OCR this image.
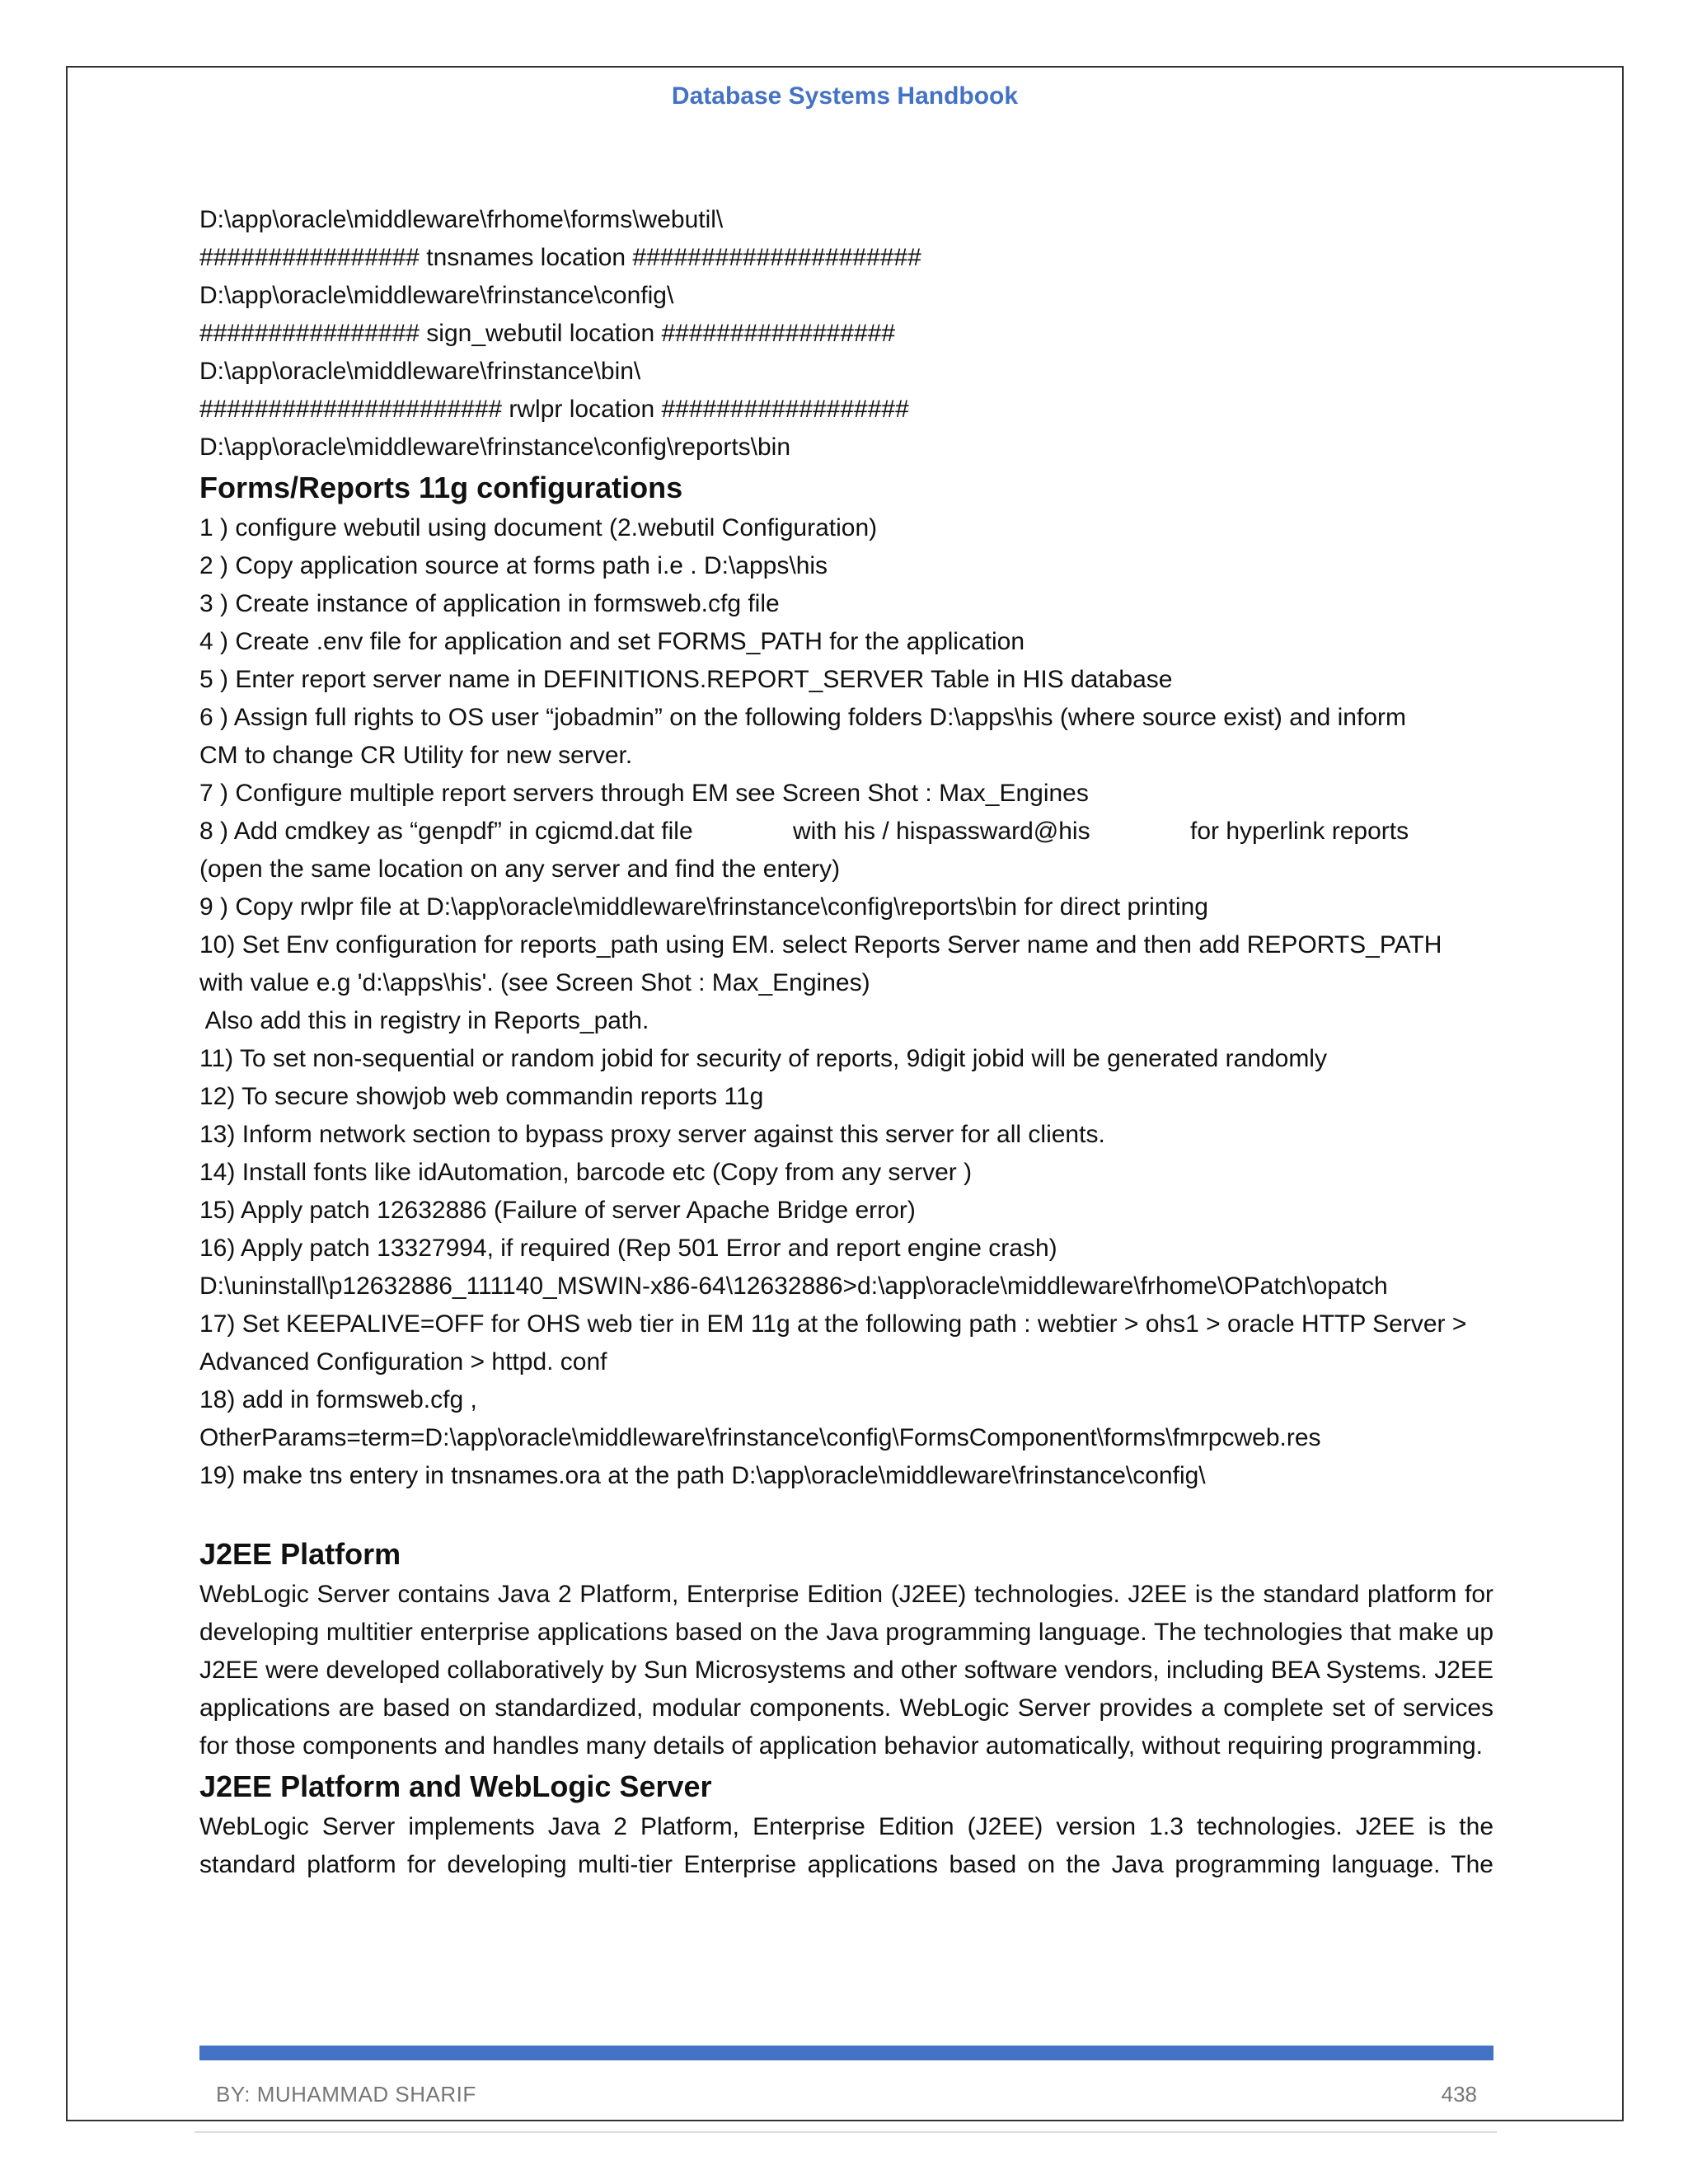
Database Systems Handbook
D:\app\oracle\middleware\frhome\forms\webutil\
################ tnsnames location #####################
D:\app\oracle\middleware\frinstance\config\
################ sign_webutil location #################
D:\app\oracle\middleware\frinstance\bin\
###################### rwlpr location ##################
D:\app\oracle\middleware\frinstance\config\reports\bin
Forms/Reports 11g configurations
1 ) configure webutil using document (2.webutil Configuration)
2 ) Copy application source at forms path i.e . D:\apps\his
3 ) Create instance of application in formsweb.cfg file
4 ) Create .env file for application and set FORMS_PATH for the application
5 ) Enter report server name in DEFINITIONS.REPORT_SERVER Table in HIS database
6 ) Assign full rights to OS user “jobadmin” on the following folders D:\apps\his (where source exist) and inform
CM to change CR Utility for new server.
7 ) Configure multiple report servers through EM see Screen Shot : Max_Engines
8 ) Add cmdkey as “genpdf” in cgicmd.dat file	with his / hispassward@his	for hyperlink reports
(open the same location on any server and find the entery)
9 ) Copy rwlpr file at D:\app\oracle\middleware\frinstance\config\reports\bin for direct printing
10) Set Env configuration for reports_path using EM. select Reports Server name and then add REPORTS_PATH
with value e.g 'd:\apps\his'. (see Screen Shot : Max_Engines)
Also add this in registry in Reports_path.
11) To set non-sequential or random jobid for security of reports, 9digit jobid will be generated randomly
12) To secure showjob web commandin reports 11g
13) Inform network section to bypass proxy server against this server for all clients.
14) Install fonts like idAutomation, barcode etc (Copy from any server )
15) Apply patch 12632886 (Failure of server Apache Bridge error)
16) Apply patch 13327994, if required (Rep 501 Error and report engine crash)
D:\uninstall\p12632886_111140_MSWIN-x86-64\12632886>d:\app\oracle\middleware\frhome\OPatch\opatch
17) Set KEEPALIVE=OFF for OHS web tier in EM 11g at the following path : webtier > ohs1 > oracle HTTP Server >
Advanced Configuration > httpd. conf
18) add in formsweb.cfg ,
OtherParams=term=D:\app\oracle\middleware\frinstance\config\FormsComponent\forms\fmrpcweb.res
19) make tns entery in tnsnames.ora at the path D:\app\oracle\middleware\frinstance\config\
J2EE Platform
WebLogic Server contains Java 2 Platform, Enterprise Edition (J2EE) technologies. J2EE is the standard platform for developing multitier enterprise applications based on the Java programming language. The technologies that make up J2EE were developed collaboratively by Sun Microsystems and other software vendors, including BEA Systems. J2EE applications are based on standardized, modular components. WebLogic Server provides a complete set of services for those components and handles many details of application behavior automatically, without requiring programming.
J2EE Platform and WebLogic Server
WebLogic Server implements Java 2 Platform, Enterprise Edition (J2EE) version 1.3 technologies. J2EE is the standard platform for developing multi-tier Enterprise applications based on the Java programming language. The
BY: MUHAMMAD SHARIF	438
